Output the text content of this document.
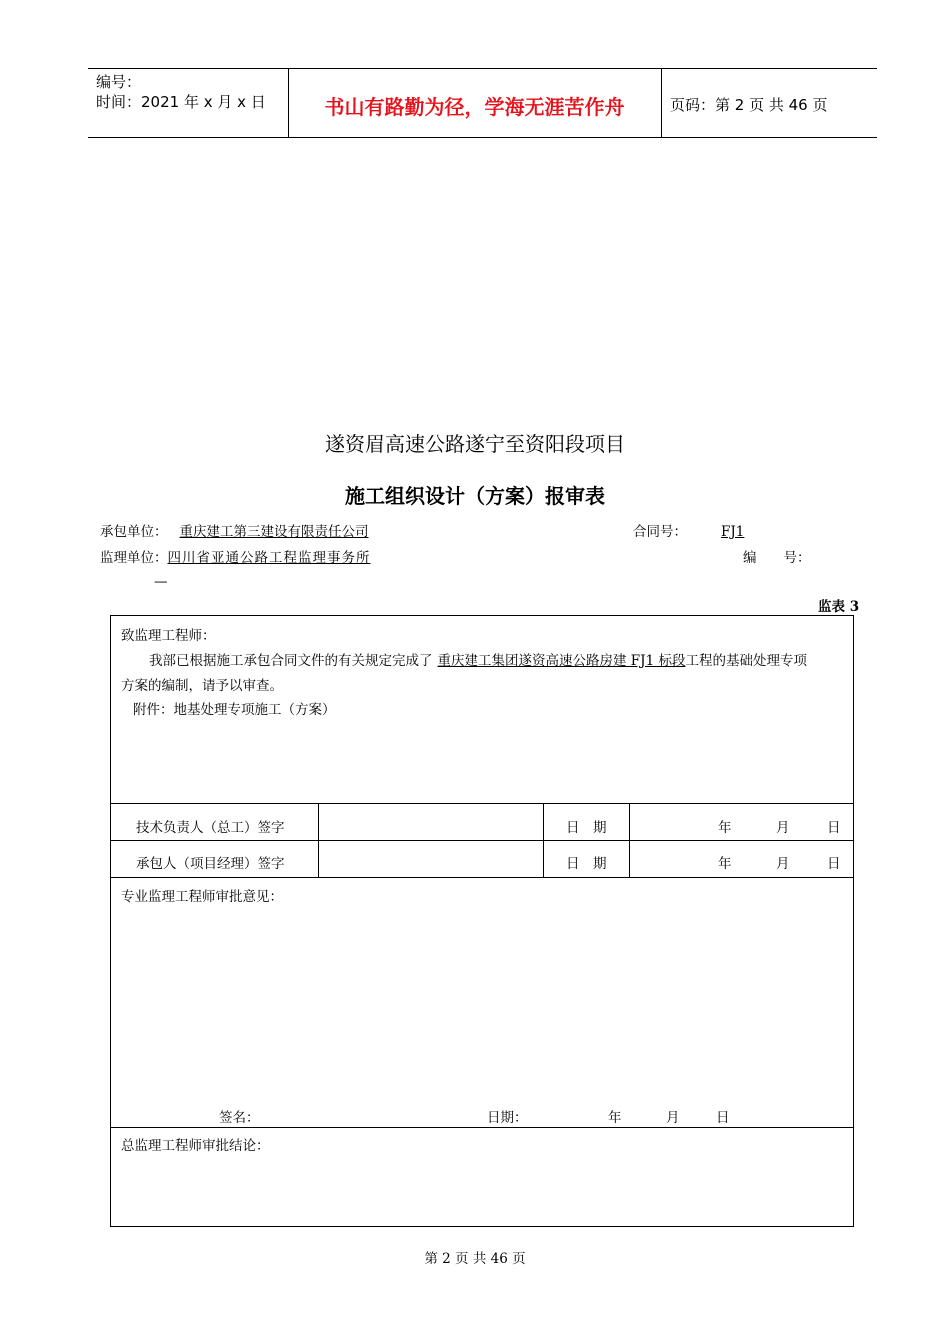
编号：
时间：2021 年 x 月 x 日	书山有路勤为径，学海无涯苦作舟	页码：第 2 页 共 46 页
遂资眉高速公路遂宁至资阳段项目
施工组织设计（方案）报审表
承包单位： 重庆建工第三建设有限责任公司	合同号：	FJ1
监理单位：四川省亚通公路工程监理事务所	编　　号：
—
监表 3
致监理工程师：
我部已根据施工承包合同文件的有关规定完成了 重庆建工集团遂资高速公路房建 FJ1 标段工程的基础处理专项
方案的编制，请予以审查。
附件：地基处理专项施工（方案）
技术负责人（总工）签字	日　期	年	月	日
承包人（项目经理）签字	日　期	年	月	日
专业监理工程师审批意见：
签名：	日期：	年	月	日
总监理工程师审批结论：
第 2 页 共 46 页
